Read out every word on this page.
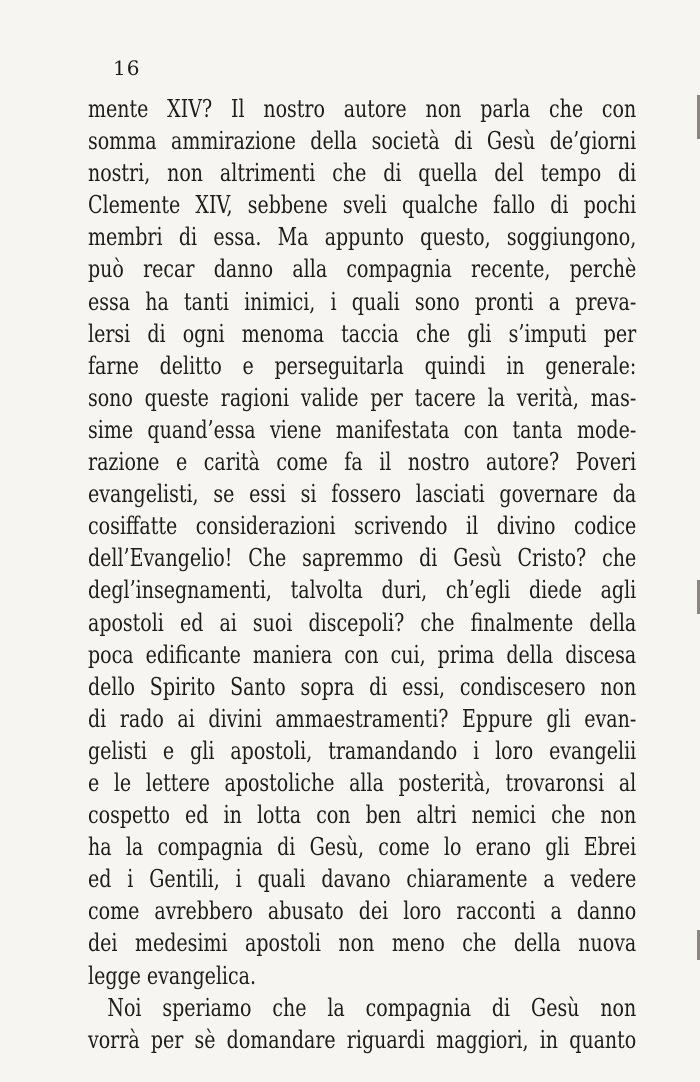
16
mente XIV? Il nostro autore non parla che con
somma ammirazione della società di Gesù de’giorni
nostri, non altrimenti che di quella del tempo di
Clemente XIV, sebbene sveli qualche fallo di pochi
membri di essa. Ma appunto questo, soggiungono,
può recar danno alla compagnia recente, perchè
essa ha tanti inimici, i quali sono pronti a preva-
lersi di ogni menoma taccia che gli s’imputi per
farne delitto e perseguitarla quindi in generale:
sono queste ragioni valide per tacere la verità, mas-
sime quand’essa viene manifestata con tanta mode-
razione e carità come fa il nostro autore? Poveri
evangelisti, se essi si fossero lasciati governare da
cosiffatte considerazioni scrivendo il divino codice
dell’Evangelio! Che sapremmo di Gesù Cristo? che
degl’insegnamenti, talvolta duri, ch’egli diede agli
apostoli ed ai suoi discepoli? che finalmente della
poca edificante maniera con cui, prima della discesa
dello Spirito Santo sopra di essi, condiscesero non
di rado ai divini ammaestramenti? Eppure gli evan-
gelisti e gli apostoli, tramandando i loro evangelii
e le lettere apostoliche alla posterità, trovaronsi al
cospetto ed in lotta con ben altri nemici che non
ha la compagnia di Gesù, come lo erano gli Ebrei
ed i Gentili, i quali davano chiaramente a vedere
come avrebbero abusato dei loro racconti a danno
dei medesimi apostoli non meno che della nuova
legge evangelica.
Noi speriamo che la compagnia di Gesù non
vorrà per sè domandare riguardi maggiori, in quanto
